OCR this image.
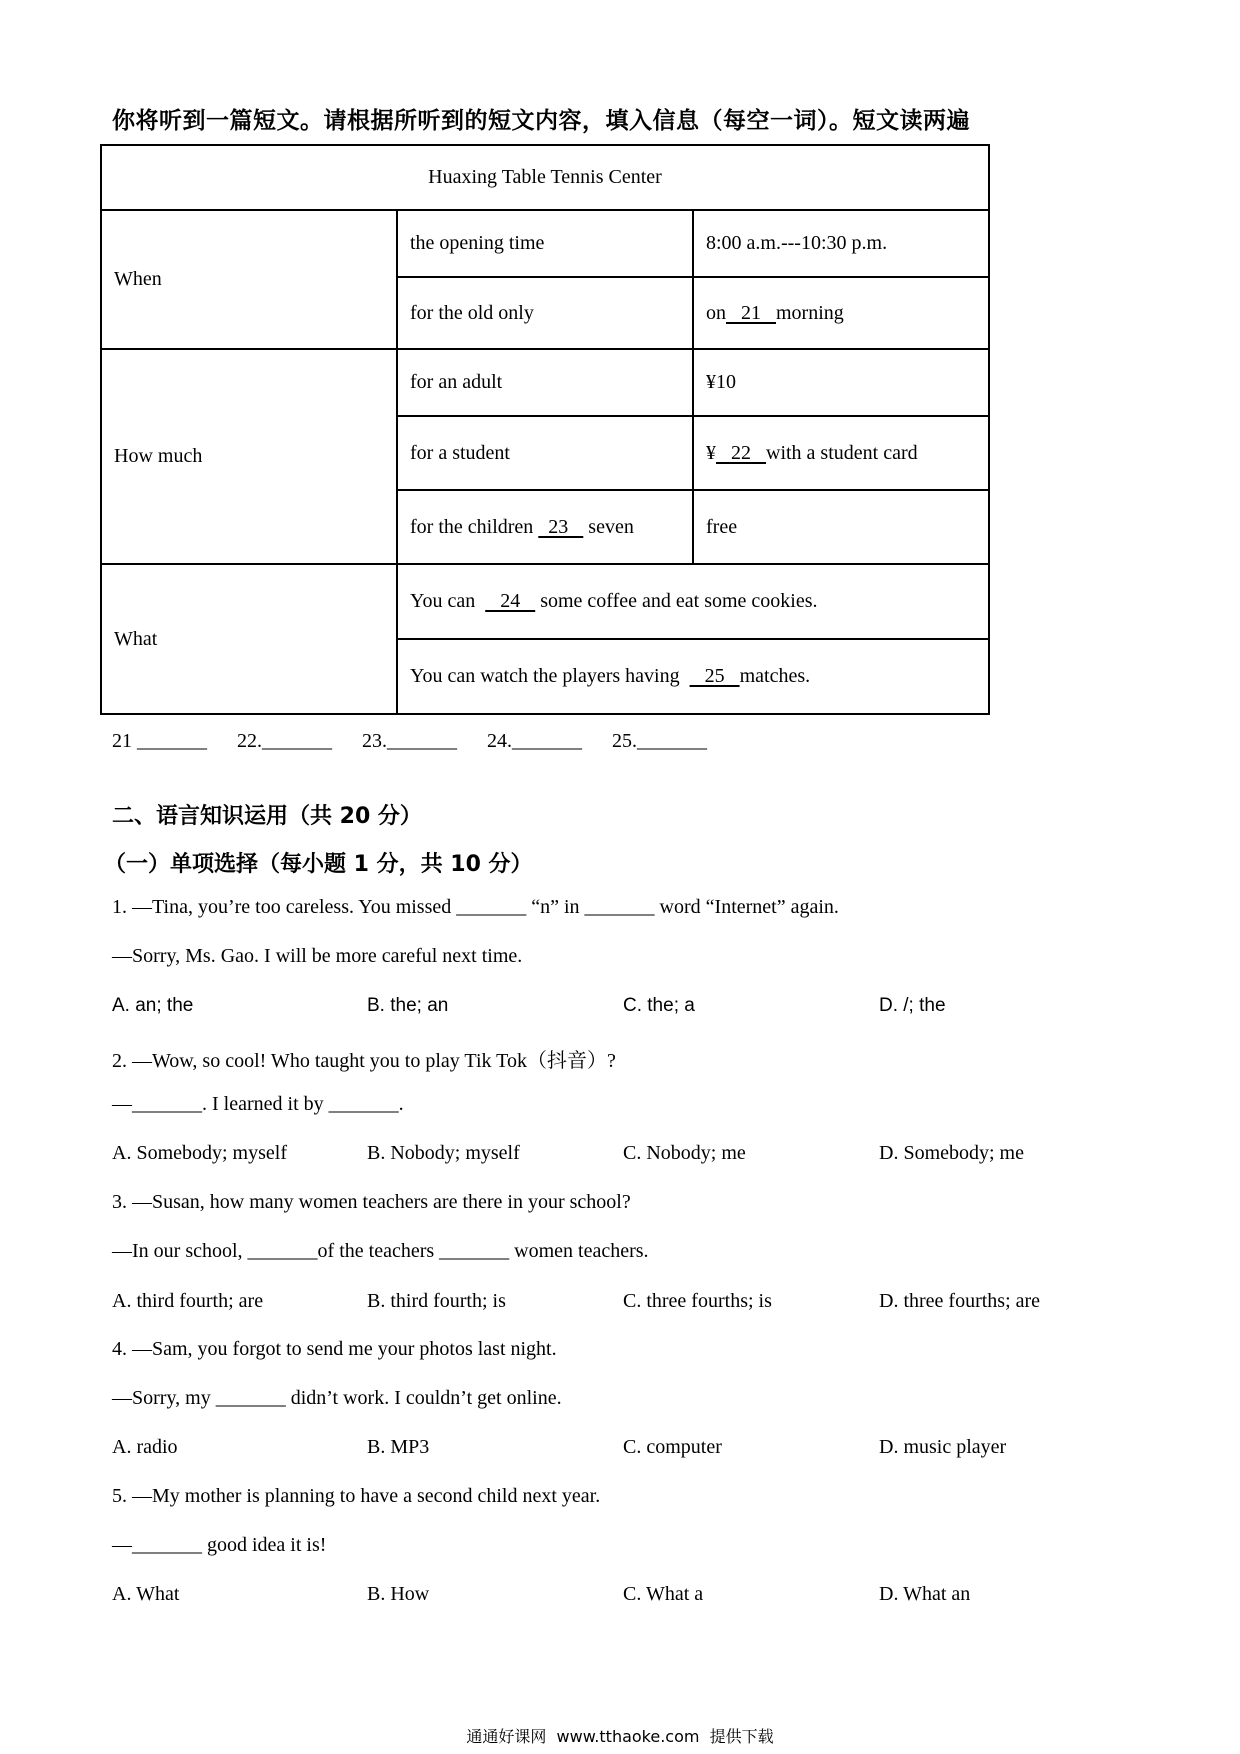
你将听到一篇短文。请根据所听到的短文内容，填入信息（每空一词）。短文读两遍
Huaxing Table Tennis Center		
When	the opening time	8:00 a.m.---10:30 p.m.
	for the old only	on   21   morning
How much	for an adult	¥10
	for a student	¥   22   with a student card
	for the children   23    seven	free
What	You can     24    some coffee and eat some cookies.	
	You can watch the players having     25   matches.	
21 _______      22._______      23._______      24._______      25._______
二、语言知识运用（共 20 分）
（一）单项选择（每小题 1 分，共 10 分）
1. —Tina, you’re too careless. You missed _______ “n” in _______ word “Internet” again.
—Sorry, Ms. Gao. I will be more careful next time.
A. an; the	B. the; an	C. the; a	D. /; the
2. —Wow, so cool! Who taught you to play Tik Tok（抖音）?
—_______. I learned it by _______.
A. Somebody; myself	B. Nobody; myself	C. Nobody; me	D. Somebody; me
3. —Susan, how many women teachers are there in your school?
—In our school, _______of the teachers _______ women teachers.
A. third fourth; are	B. third fourth; is	C. three fourths; is	D. three fourths; are
4. —Sam, you forgot to send me your photos last night.
—Sorry, my _______ didn’t work. I couldn’t get online.
A. radio	B. MP3	C. computer	D. music player
5. —My mother is planning to have a second child next year.
—_______ good idea it is!
A. What	B. How	C. What a	D. What an
通通好课网  www.tthaoke.com  提供下载
